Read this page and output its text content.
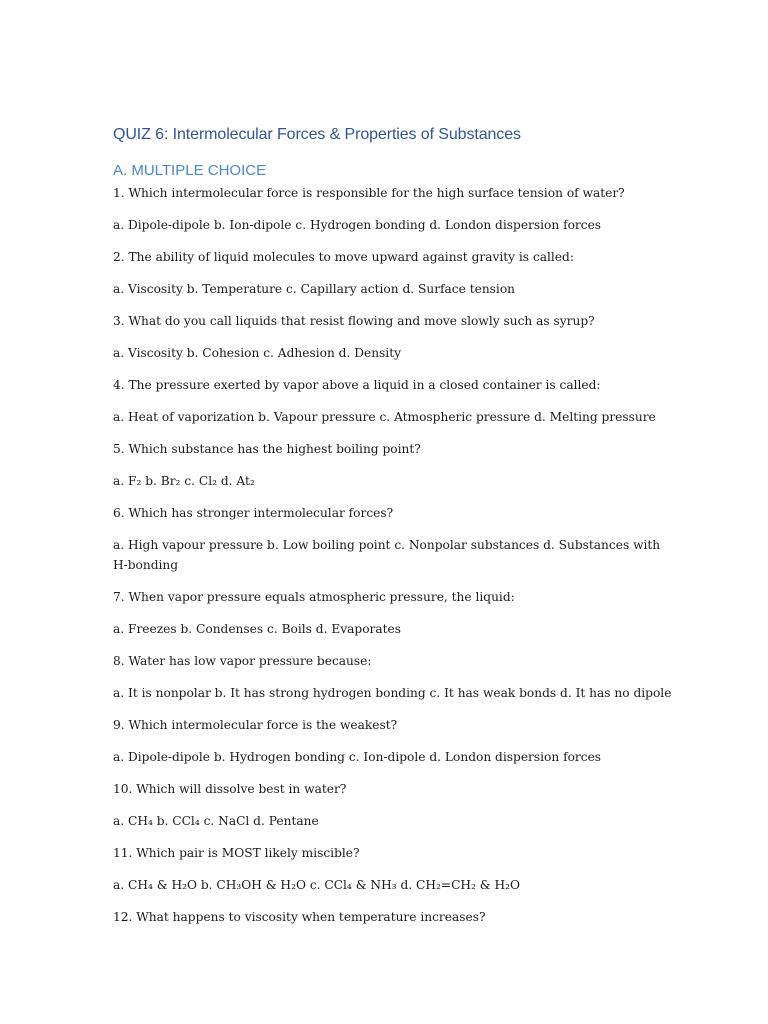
QUIZ 6: Intermolecular Forces & Properties of Substances
A. MULTIPLE CHOICE
1. Which intermolecular force is responsible for the high surface tension of water?
a. Dipole-dipole b. Ion-dipole c. Hydrogen bonding d. London dispersion forces
2. The ability of liquid molecules to move upward against gravity is called:
a. Viscosity b. Temperature c. Capillary action d. Surface tension
3. What do you call liquids that resist flowing and move slowly such as syrup?
a. Viscosity b. Cohesion c. Adhesion d. Density
4. The pressure exerted by vapor above a liquid in a closed container is called:
a. Heat of vaporization b. Vapour pressure c. Atmospheric pressure d. Melting pressure
5. Which substance has the highest boiling point?
a. F₂ b. Br₂ c. Cl₂ d. At₂
6. Which has stronger intermolecular forces?
a. High vapour pressure b. Low boiling point c. Nonpolar substances d. Substances with H-bonding
7. When vapor pressure equals atmospheric pressure, the liquid:
a. Freezes b. Condenses c. Boils d. Evaporates
8. Water has low vapor pressure because:
a. It is nonpolar b. It has strong hydrogen bonding c. It has weak bonds d. It has no dipole
9. Which intermolecular force is the weakest?
a. Dipole-dipole b. Hydrogen bonding c. Ion-dipole d. London dispersion forces
10. Which will dissolve best in water?
a. CH₄ b. CCl₄ c. NaCl d. Pentane
11. Which pair is MOST likely miscible?
a. CH₄ & H₂O b. CH₃OH & H₂O c. CCl₄ & NH₃ d. CH₂=CH₂ & H₂O
12. What happens to viscosity when temperature increases?
